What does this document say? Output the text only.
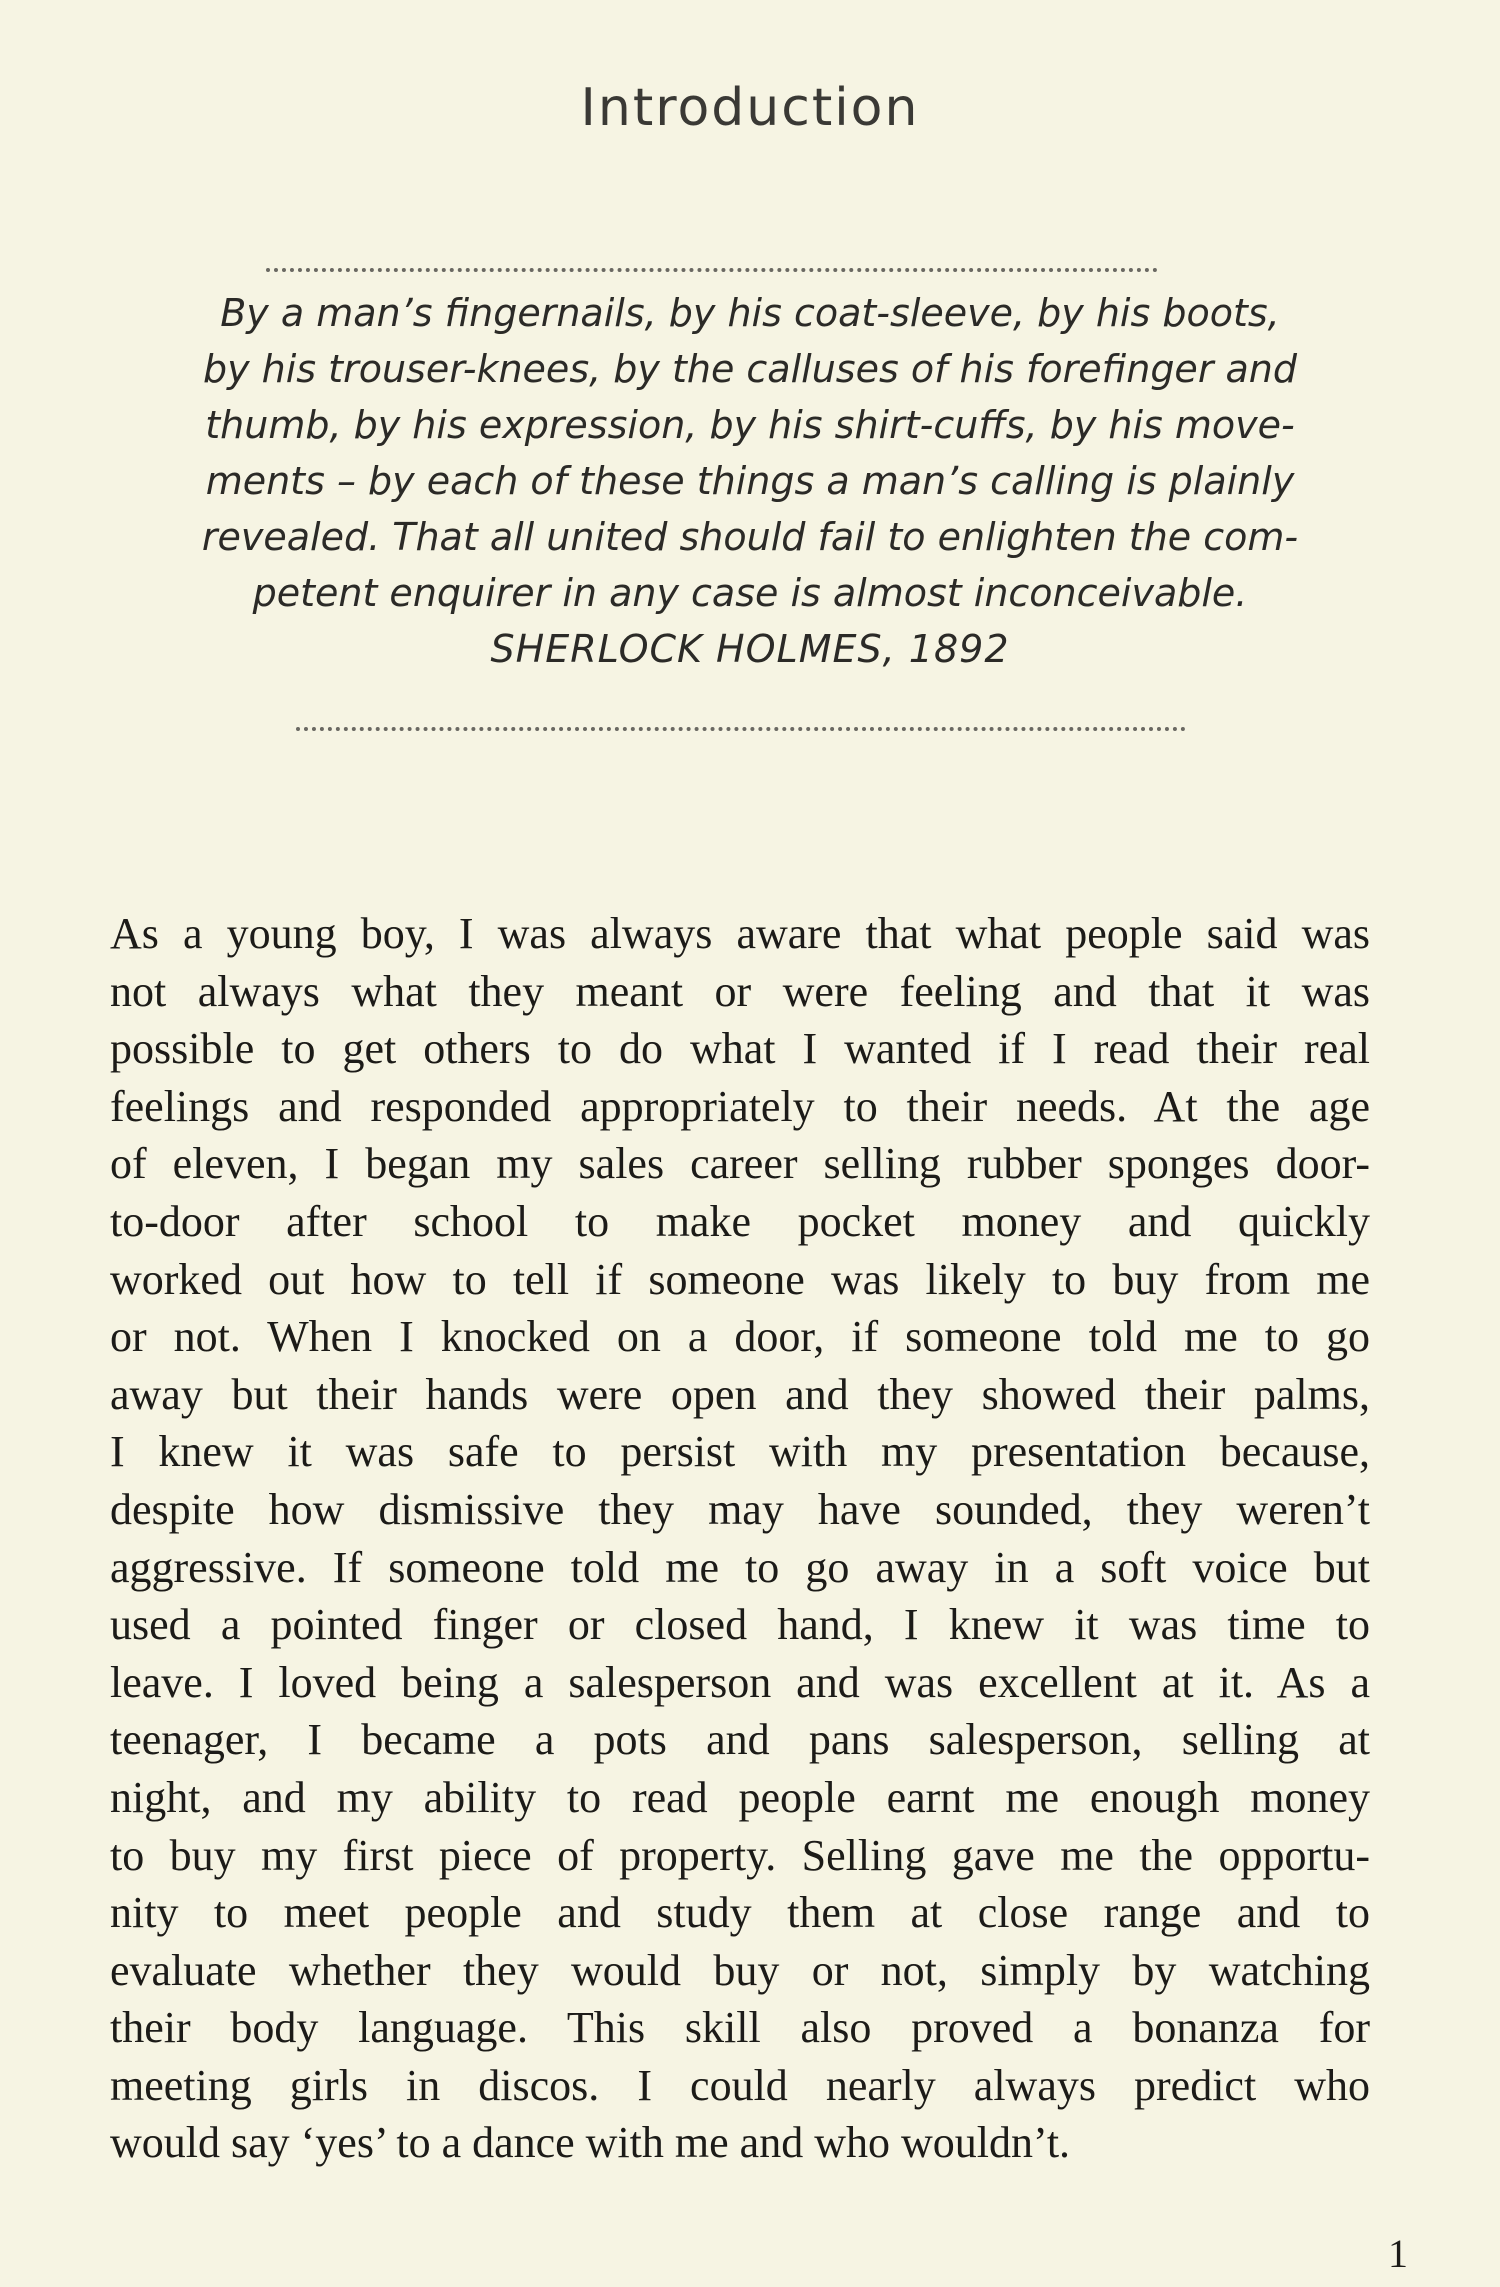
Introduction
By a man’s fingernails, by his coat-sleeve, by his boots,
by his trouser-knees, by the calluses of his forefinger and
thumb, by his expression, by his shirt-cuffs, by his move-
ments – by each of these things a man’s calling is plainly
revealed. That all united should fail to enlighten the com-
petent enquirer in any case is almost inconceivable.
SHERLOCK HOLMES, 1892
As a young boy, I was always aware that what people said was
not always what they meant or were feeling and that it was
possible to get others to do what I wanted if I read their real
feelings and responded appropriately to their needs. At the age
of eleven, I began my sales career selling rubber sponges door-
to-door after school to make pocket money and quickly
worked out how to tell if someone was likely to buy from me
or not. When I knocked on a door, if someone told me to go
away but their hands were open and they showed their palms,
I knew it was safe to persist with my presentation because,
despite how dismissive they may have sounded, they weren’t
aggressive. If someone told me to go away in a soft voice but
used a pointed finger or closed hand, I knew it was time to
leave. I loved being a salesperson and was excellent at it. As a
teenager, I became a pots and pans salesperson, selling at
night, and my ability to read people earnt me enough money
to buy my first piece of property. Selling gave me the opportu-
nity to meet people and study them at close range and to
evaluate whether they would buy or not, simply by watching
their body language. This skill also proved a bonanza for
meeting girls in discos. I could nearly always predict who
would say ‘yes’ to a dance with me and who wouldn’t.
1
